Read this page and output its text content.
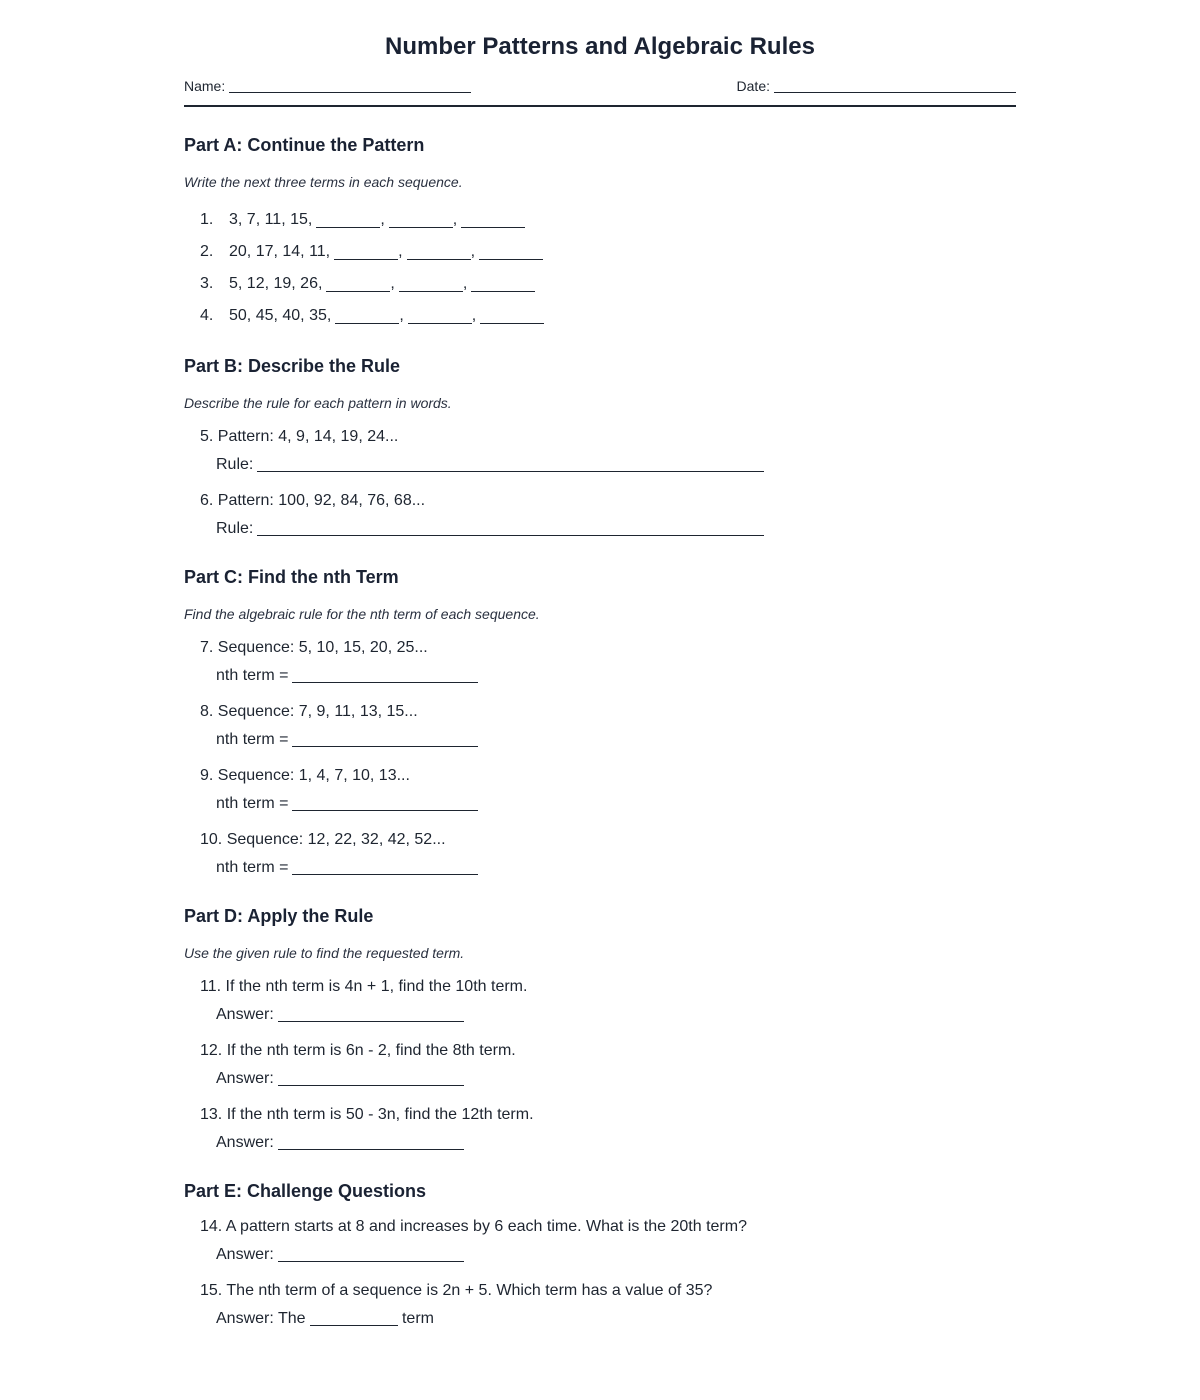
Number Patterns and Algebraic Rules
Name:	Date:
Part A: Continue the Pattern
Write the next three terms in each sequence.
1. 3, 7, 11, 15,	,	,
2. 20, 17, 14, 11,	,	,
3. 5, 12, 19, 26,	,	,
4. 50, 45, 40, 35,	,	,
Part B: Describe the Rule
Describe the rule for each pattern in words.
5. Pattern: 4, 9, 14, 19, 24...
Rule:
6. Pattern: 100, 92, 84, 76, 68...
Rule:
Part C: Find the nth Term
Find the algebraic rule for the nth term of each sequence.
7. Sequence: 5, 10, 15, 20, 25...
nth term =
8. Sequence: 7, 9, 11, 13, 15...
nth term =
9. Sequence: 1, 4, 7, 10, 13...
nth term =
10. Sequence: 12, 22, 32, 42, 52...
nth term =
Part D: Apply the Rule
Use the given rule to find the requested term.
11. If the nth term is 4n + 1, find the 10th term.
Answer:
12. If the nth term is 6n - 2, find the 8th term.
Answer:
13. If the nth term is 50 - 3n, find the 12th term.
Answer:
Part E: Challenge Questions
14. A pattern starts at 8 and increases by 6 each time. What is the 20th term?
Answer:
15. The nth term of a sequence is 2n + 5. Which term has a value of 35?
Answer: The	term
